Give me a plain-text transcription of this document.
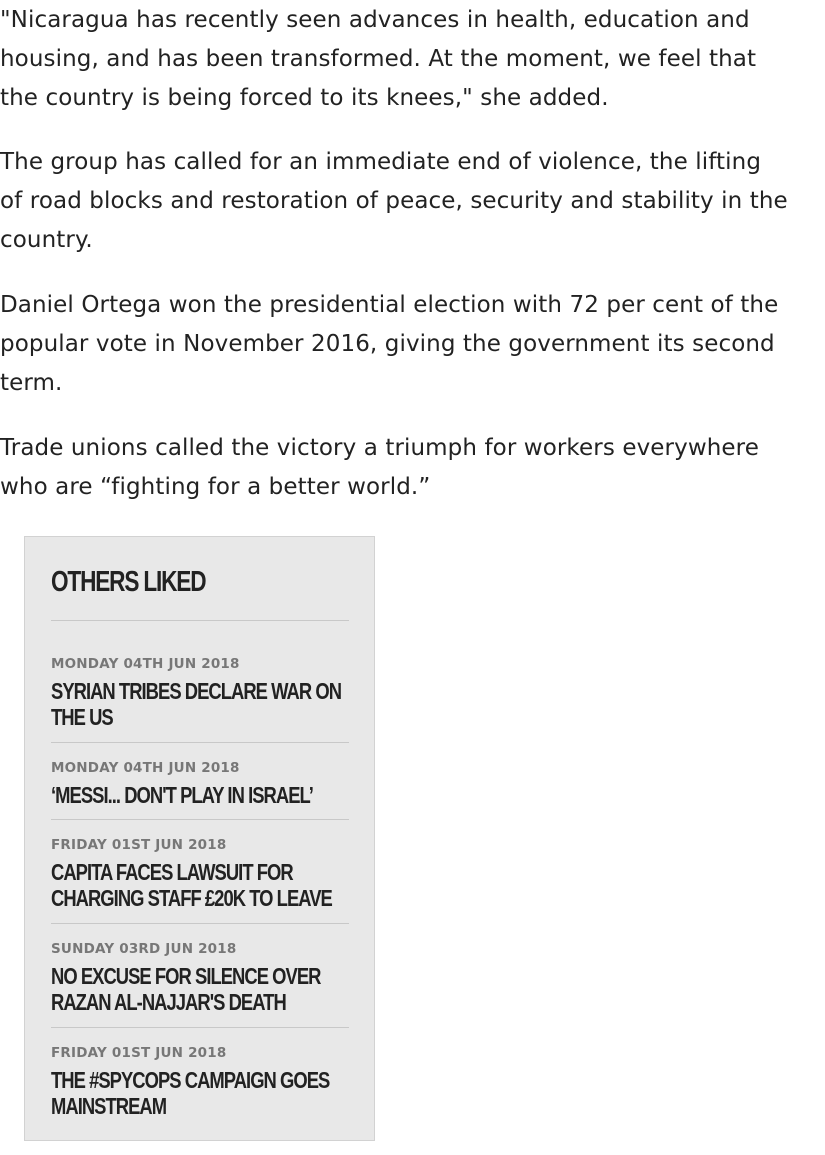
"Nicaragua has recently seen advances in health, education and housing, and has been transformed. At the moment, we feel that the country is being forced to its knees," she added.

The group has called for an immediate end of violence, the lifting of road blocks and restoration of peace, security and stability in the country.

Daniel Ortega won the presidential election with 72 per cent of the popular vote in November 2016, giving the government its second term.

Trade unions called the victory a triumph for workers everywhere who are “fighting for a better world.”

OTHERS LIKED
MONDAY 04TH JUN 2018
SYRIAN TRIBES DECLARE WAR ON THE US
MONDAY 04TH JUN 2018
‘MESSI... DON'T PLAY IN ISRAEL’
FRIDAY 01ST JUN 2018
CAPITA FACES LAWSUIT FOR CHARGING STAFF £20K TO LEAVE
SUNDAY 03RD JUN 2018
NO EXCUSE FOR SILENCE OVER RAZAN AL-NAJJAR'S DEATH
FRIDAY 01ST JUN 2018
THE #SPYCOPS CAMPAIGN GOES MAINSTREAM
